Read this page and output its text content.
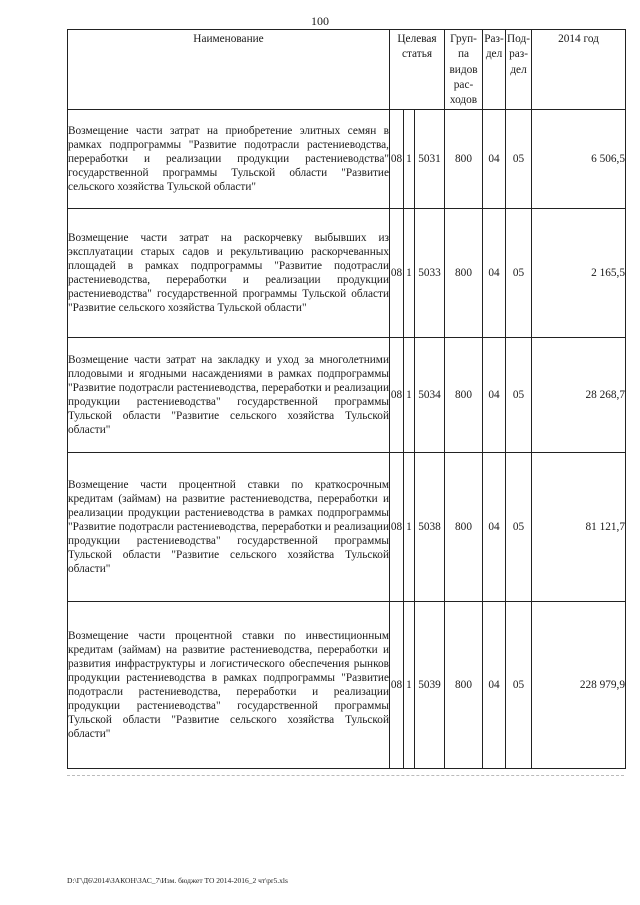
100
Наименование	Целевая статья			Груп-па видов рас-ходов	Раз-дел	Под-раз-дел	2014 год
Возмещение части затрат на приобретение элитных семян в рамках подпрограммы "Развитие подотрасли растениеводства, переработки и реализации продукции растениеводства" государственной программы Тульской области "Развитие сельского хозяйства Тульской области"	08	1	5031	800	04	05	6 506,5
Возмещение части затрат на раскорчевку выбывших из эксплуатации старых садов и рекультивацию раскорчеванных площадей в рамках подпрограммы "Развитие подотрасли растениеводства, переработки и реализации продукции растениеводства" государственной программы Тульской области "Развитие сельского хозяйства Тульской области"	08	1	5033	800	04	05	2 165,5
Возмещение части затрат на закладку и уход за многолетними плодовыми и ягодными насаждениями в рамках подпрограммы "Развитие подотрасли растениеводства, переработки и реализации продукции растениеводства" государственной программы Тульской области "Развитие сельского хозяйства Тульской области"	08	1	5034	800	04	05	28 268,7
Возмещение части процентной ставки по краткосрочным кредитам (займам) на развитие растениеводства, переработки и реализации продукции растениеводства в рамках подпрограммы "Развитие подотрасли растениеводства, переработки и реализации продукции растениеводства" государственной программы Тульской области "Развитие сельского хозяйства Тульской области"	08	1	5038	800	04	05	81 121,7
Возмещение части процентной ставки по инвестиционным кредитам (займам) на развитие растениеводства, переработки и развития инфраструктуры и логистического обеспечения рынков продукции растениеводства в рамках подпрограммы "Развитие подотрасли растениеводства, переработки и реализации продукции растениеводства" государственной программы Тульской области "Развитие сельского хозяйства Тульской области"	08	1	5039	800	04	05	228 979,9
D:\Г\Д6\2014\ЗАКОН\ЗАС_7\Изм. бюджет ТО 2014-2016_2 чт\pr5.xls
